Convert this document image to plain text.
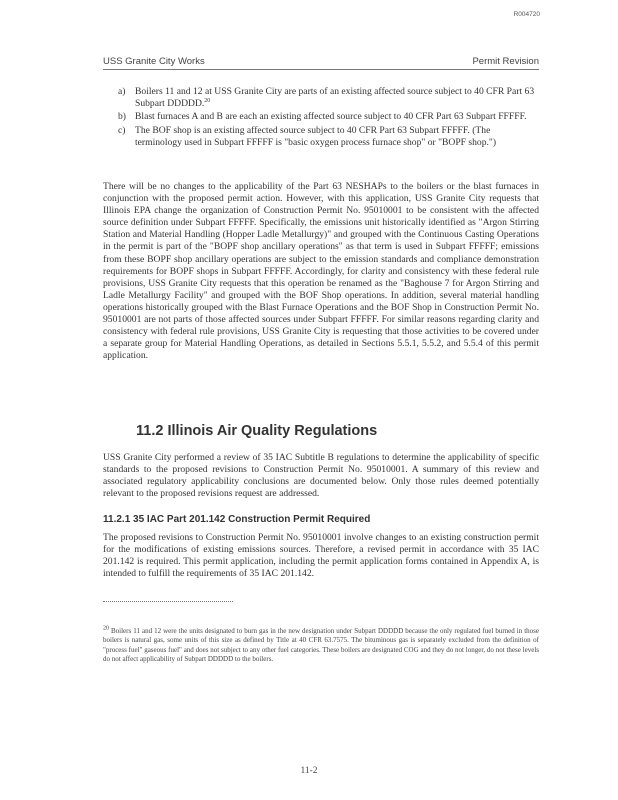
R004720
USS Granite City Works	Permit Revision
a) Boilers 11 and 12 at USS Granite City are parts of an existing affected source subject to 40 CFR Part 63 Subpart DDDDD.$^{20}$
b) Blast furnaces A and B are each an existing affected source subject to 40 CFR Part 63 Subpart FFFFF.
c) The BOF shop is an existing affected source subject to 40 CFR Part 63 Subpart FFFFF. (The terminology used in Subpart FFFFF is "basic oxygen process furnace shop" or "BOPF shop.")

There will be no changes to the applicability of the Part 63 NESHAPs to the boilers or the blast furnaces in conjunction with the proposed permit action. However, with this application, USS Granite City requests that Illinois EPA change the organization of Construction Permit No. 95010001 to be consistent with the affected source definition under Subpart FFFFF. Specifically, the emissions unit historically identified as "Argon Stirring Station and Material Handling (Hopper Ladle Metallurgy)" and grouped with the Continuous Casting Operations in the permit is part of the "BOPF shop ancillary operations" as that term is used in Subpart FFFFF; emissions from these BOPF shop ancillary operations are subject to the emission standards and compliance demonstration requirements for BOPF shops in Subpart FFFFF. Accordingly, for clarity and consistency with these federal rule provisions, USS Granite City requests that this operation be renamed as the "Baghouse 7 for Argon Stirring and Ladle Metallurgy Facility" and grouped with the BOF Shop operations. In addition, several material handling operations historically grouped with the Blast Furnace Operations and the BOF Shop in Construction Permit No. 95010001 are not parts of those affected sources under Subpart FFFFF. For similar reasons regarding clarity and consistency with federal rule provisions, USS Granite City is requesting that those activities to be covered under a separate group for Material Handling Operations, as detailed in Sections 5.5.1, 5.5.2, and 5.5.4 of this permit application.

11.2 Illinois Air Quality Regulations

USS Granite City performed a review of 35 IAC Subtitle B regulations to determine the applicability of specific standards to the proposed revisions to Construction Permit No. 95010001. A summary of this review and associated regulatory applicability conclusions are documented below. Only those rules deemed potentially relevant to the proposed revisions request are addressed.

11.2.1 35 IAC Part 201.142 Construction Permit Required

The proposed revisions to Construction Permit No. 95010001 involve changes to an existing construction permit for the modifications of existing emissions sources. Therefore, a revised permit in accordance with 35 IAC 201.142 is required. This permit application, including the permit application forms contained in Appendix A, is intended to fulfill the requirements of 35 IAC 201.142.

$^{20}$ Boilers 11 and 12 were the units designated to burn gas in the new designation under Subpart DDDDD because the only regulated fuel burned in those boilers is natural gas, some units of this size as defined by Title at 40 CFR 63.7575. The bituminous gas is separately excluded from the definition of "process fuel" gaseous fuel" and does not subject to any other fuel categories. These boilers are designated COG and they do not longer, do not these levels do not affect applicability of Subpart DDDDD to the boilers.
11-2
